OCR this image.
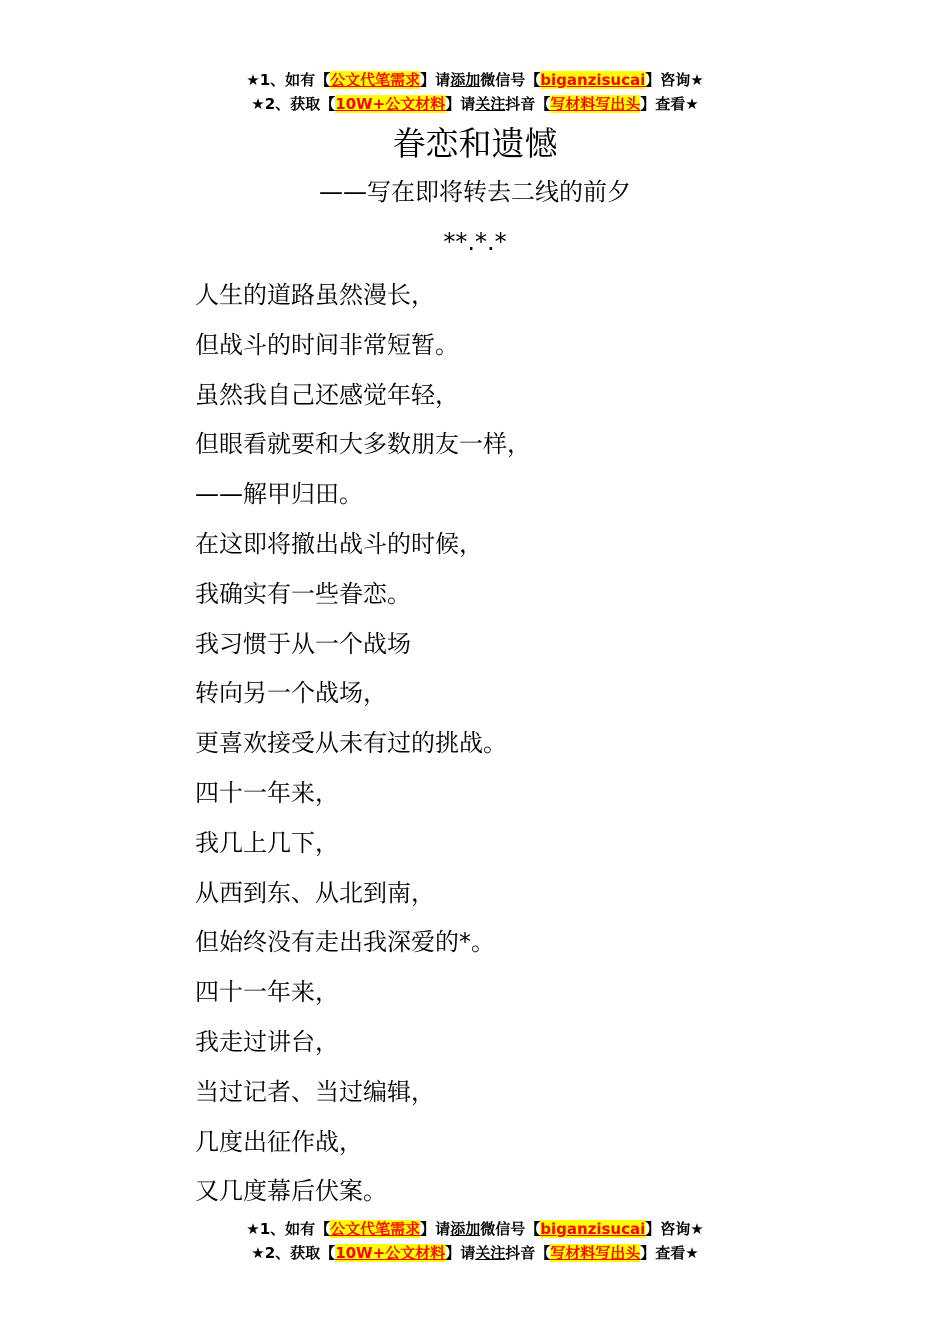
★1、如有【公文代笔需求】请添加微信号【biganzisucai】咨询★
★2、获取【10W+公文材料】请关注抖音【写材料写出头】查看★
眷恋和遗憾
——写在即将转去二线的前夕
**.*.*
人生的道路虽然漫长，
但战斗的时间非常短暂。
虽然我自己还感觉年轻，
但眼看就要和大多数朋友一样，
——解甲归田。
在这即将撤出战斗的时候，
我确实有一些眷恋。
我习惯于从一个战场
转向另一个战场，
更喜欢接受从未有过的挑战。
四十一年来，
我几上几下，
从西到东、从北到南，
但始终没有走出我深爱的*。
四十一年来，
我走过讲台，
当过记者、当过编辑，
几度出征作战，
又几度幕后伏案。
★1、如有【公文代笔需求】请添加微信号【biganzisucai】咨询★
★2、获取【10W+公文材料】请关注抖音【写材料写出头】查看★
